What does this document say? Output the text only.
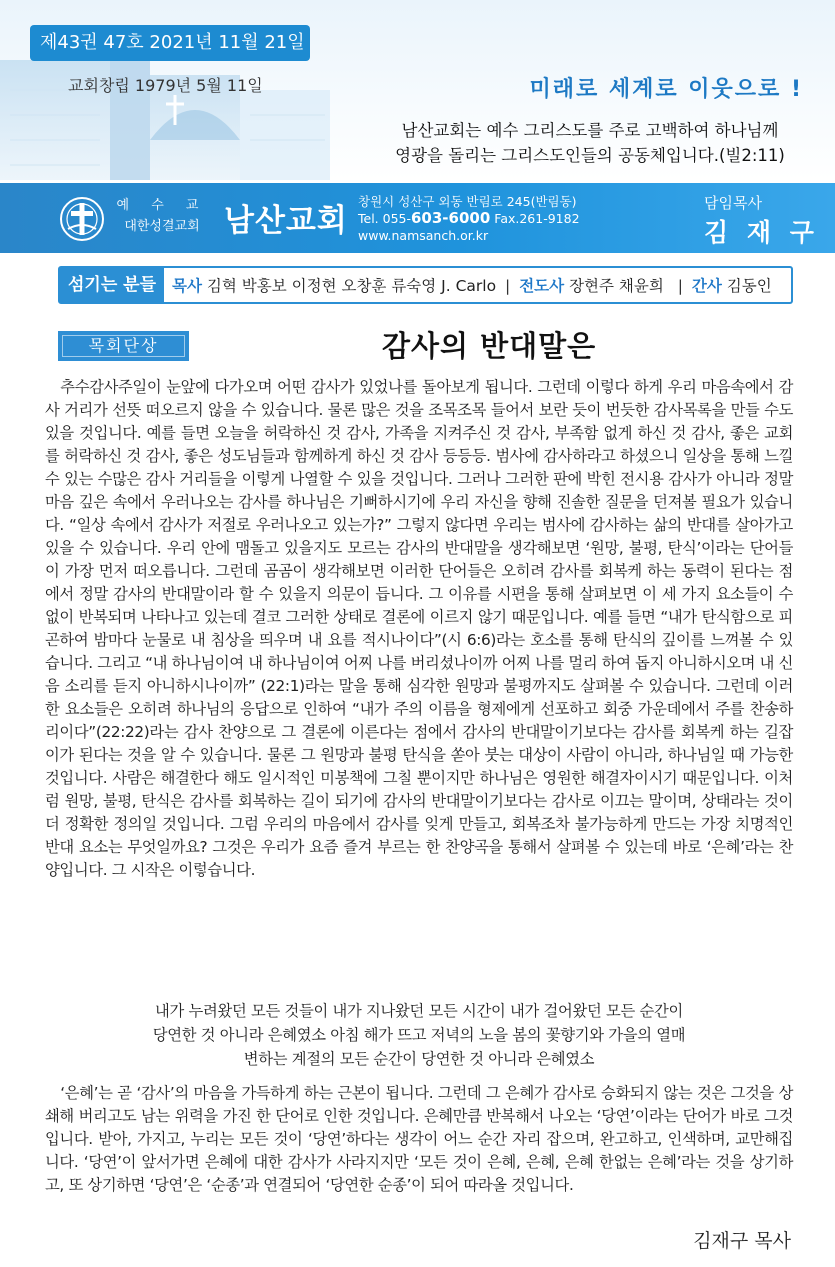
제43권 47호 2021년 11월 21일
교회창립 1979년 5월 11일	미래로 세계로 이웃으로 !
남산교회는 예수 그리스도를 주로 고백하여 하나님께
영광을 돌리는 그리스도인들의 공동체입니다.(빌2:11)
예 수 교
대한성결교회 남산교회
창원시 성산구 외동 반림로 245(반림동)
Tel. 055-603-6000 Fax.261-9182
www.namsanch.or.kr
담임목사
김 재 구
섬기는 분들	목사 김혁 박홍보 이정현 오창훈 류숙영 J. Carlo | 전도사 장현주 채윤희  | 간사 김동인
목회단상	감사의 반대말은
추수감사주일이 눈앞에 다가오며 어떤 감사가 있었나를 돌아보게 됩니다. 그런데 이렇다 하게 우리 마음속에서 감사 거리가 선뜻 떠오르지 않을 수 있습니다. 물론 많은 것을 조목조목 들어서 보란 듯이 번듯한 감사목록을 만들 수도 있을 것입니다. 예를 들면 오늘을 허락하신 것 감사, 가족을 지켜주신 것 감사, 부족함 없게 하신 것 감사, 좋은 교회를 허락하신 것 감사, 좋은 성도님들과 함께하게 하신 것 감사 등등등. 범사에 감사하라고 하셨으니 일상을 통해 느낄 수 있는 수많은 감사 거리들을 이렇게 나열할 수 있을 것입니다. 그러나 그러한 판에 박힌 전시용 감사가 아니라 정말 마음 깊은 속에서 우러나오는 감사를 하나님은 기뻐하시기에 우리 자신을 향해 진솔한 질문을 던져볼 필요가 있습니다. “일상 속에서 감사가 저절로 우러나오고 있는가?” 그렇지 않다면 우리는 범사에 감사하는 삶의 반대를 살아가고 있을 수 있습니다. 우리 안에 맴돌고 있을지도 모르는 감사의 반대말을 생각해보면 ‘원망, 불평, 탄식’이라는 단어들이 가장 먼저 떠오릅니다. 그런데 곰곰이 생각해보면 이러한 단어들은 오히려 감사를 회복케 하는 동력이 된다는 점에서 정말 감사의 반대말이라 할 수 있을지 의문이 듭니다. 그 이유를 시편을 통해 살펴보면 이 세 가지 요소들이 수없이 반복되며 나타나고 있는데 결코 그러한 상태로 결론에 이르지 않기 때문입니다. 예를 들면 “내가 탄식함으로 피곤하여 밤마다 눈물로 내 침상을 띄우며 내 요를 적시나이다”(시 6:6)라는 호소를 통해 탄식의 깊이를 느껴볼 수 있습니다. 그리고 “내 하나님이여 내 하나님이여 어찌 나를 버리셨나이까 어찌 나를 멀리 하여 돕지 아니하시오며 내 신음 소리를 듣지 아니하시나이까” (22:1)라는 말을 통해 심각한 원망과 불평까지도 살펴볼 수 있습니다. 그런데 이러한 요소들은 오히려 하나님의 응답으로 인하여 “내가 주의 이름을 형제에게 선포하고 회중 가운데에서 주를 찬송하리이다”(22:22)라는 감사 찬양으로 그 결론에 이른다는 점에서 감사의 반대말이기보다는 감사를 회복케 하는 길잡이가 된다는 것을 알 수 있습니다. 물론 그 원망과 불평 탄식을 쏟아 붓는 대상이 사람이 아니라, 하나님일 때 가능한 것입니다. 사람은 해결한다 해도 일시적인 미봉책에 그칠 뿐이지만 하나님은 영원한 해결자이시기 때문입니다. 이처럼 원망, 불평, 탄식은 감사를 회복하는 길이 되기에 감사의 반대말이기보다는 감사로 이끄는 말이며, 상태라는 것이 더 정확한 정의일 것입니다. 그럼 우리의 마음에서 감사를 잊게 만들고, 회복조차 불가능하게 만드는 가장 치명적인 반대 요소는 무엇일까요? 그것은 우리가 요즘 즐겨 부르는 한 찬양곡을 통해서 살펴볼 수 있는데 바로 ‘은혜’라는 찬양입니다. 그 시작은 이렇습니다.
내가 누려왔던 모든 것들이 내가 지나왔던 모든 시간이 내가 걸어왔던 모든 순간이
당연한 것 아니라 은혜였소 아침 해가 뜨고 저녁의 노을 봄의 꽃향기와 가을의 열매
변하는 계절의 모든 순간이 당연한 것 아니라 은혜였소
‘은혜’는 곧 ‘감사’의 마음을 가득하게 하는 근본이 됩니다. 그런데 그 은혜가 감사로 승화되지 않는 것은 그것을 상쇄해 버리고도 남는 위력을 가진 한 단어로 인한 것입니다. 은혜만큼 반복해서 나오는 ‘당연’이라는 단어가 바로 그것입니다. 받아, 가지고, 누리는 모든 것이 ‘당연’하다는 생각이 어느 순간 자리 잡으며, 완고하고, 인색하며, 교만해집니다. ‘당연’이 앞서가면 은혜에 대한 감사가 사라지지만 ‘모든 것이 은혜, 은혜, 은혜 한없는 은혜’라는 것을 상기하고, 또 상기하면 ‘당연’은 ‘순종’과 연결되어 ‘당연한 순종’이 되어 따라올 것입니다.
김재구 목사
